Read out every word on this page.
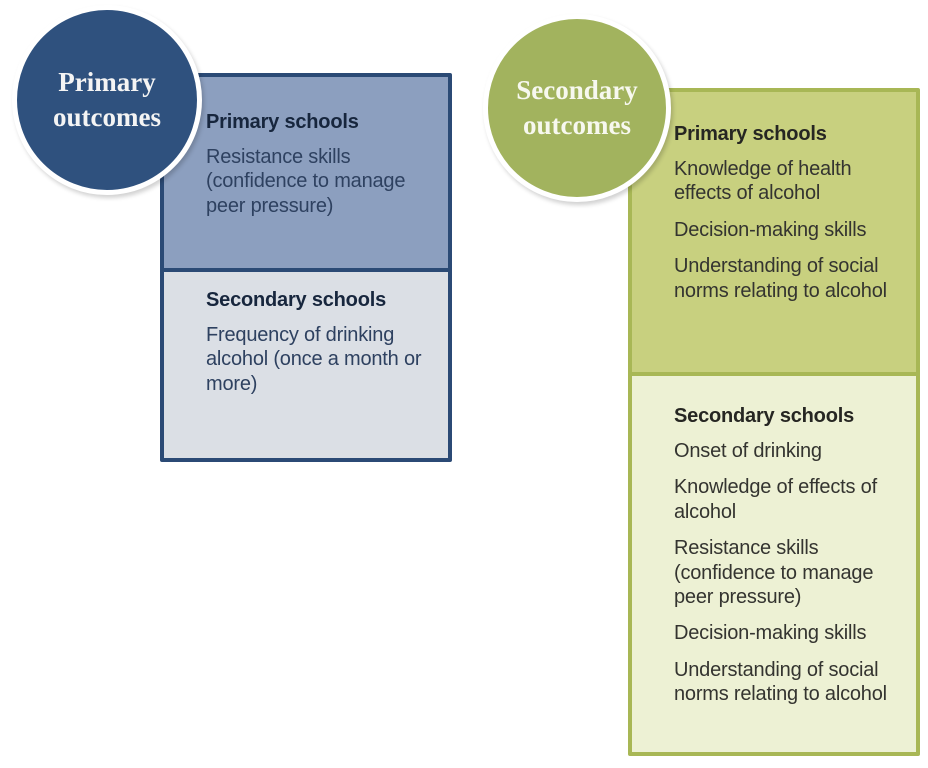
Primary schools

Resistance skills (confidence to manage peer pressure)

Secondary schools

Frequency of drinking alcohol (once a month or more)

Primary outcomes
Primary schools

Knowledge of health effects of alcohol

Decision-making skills

Understanding of social norms relating to alcohol

Secondary schools

Onset of drinking

Knowledge of effects of alcohol

Resistance skills (confidence to manage peer pressure)

Decision-making skills

Understanding of social norms relating to alcohol

Secondary outcomes
